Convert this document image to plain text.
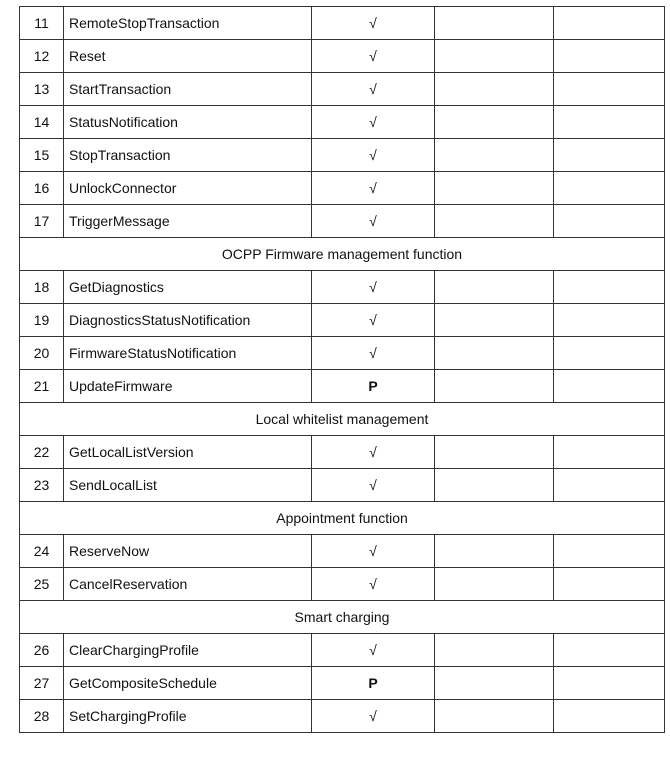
11	RemoteStopTransaction	√		
12	Reset	√		
13	StartTransaction	√		
14	StatusNotification	√		
15	StopTransaction	√		
16	UnlockConnector	√		
17	TriggerMessage	√		
OCPP Firmware management function				
18	GetDiagnostics	√		
19	DiagnosticsStatusNotification	√		
20	FirmwareStatusNotification	√		
21	UpdateFirmware	P		
Local whitelist management				
22	GetLocalListVersion	√		
23	SendLocalList	√		
Appointment function				
24	ReserveNow	√		
25	CancelReservation	√		
Smart charging				
26	ClearChargingProfile	√		
27	GetCompositeSchedule	P		
28	SetChargingProfile	√		
